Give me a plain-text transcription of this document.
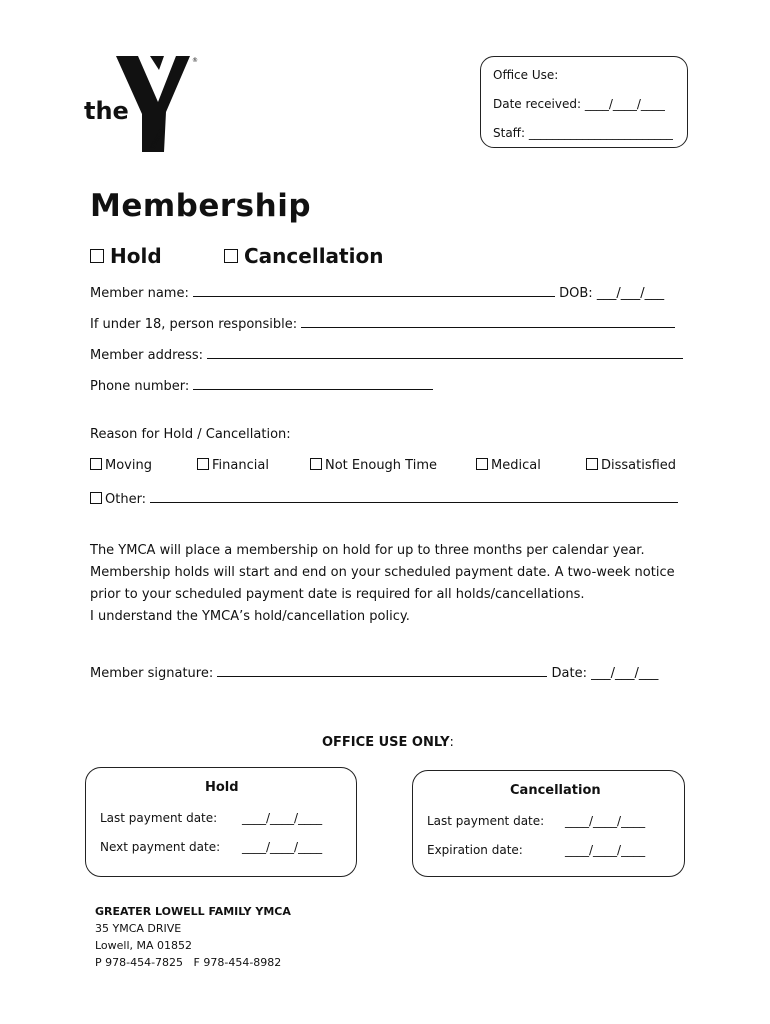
the
YMCA
®
Office Use:
Date received: ____/____/____
Staff: ________________________
Membership
Hold	Cancellation
Member name:	DOB: ___/___/___
If under 18, person responsible:
Member address:
Phone number:
Reason for Hold / Cancellation:
Moving	Financial	Not Enough Time	Medical	Dissatisfied
Other:
The YMCA will place a membership on hold for up to three months per calendar year.
Membership holds will start and end on your scheduled payment date. A two-week notice
prior to your scheduled payment date is required for all holds/cancellations.
I understand the YMCA’s hold/cancellation policy.
Member signature:	Date: ___/___/___
OFFICE USE ONLY:
Hold
Last payment date: ____/____/____
Next payment date: ____/____/____
Cancellation
Last payment date: ____/____/____
Expiration date:	____/____/____
GREATER LOWELL FAMILY YMCA
35 YMCA DRIVE
Lowell, MA 01852
P 978-454-7825   F 978-454-8982
